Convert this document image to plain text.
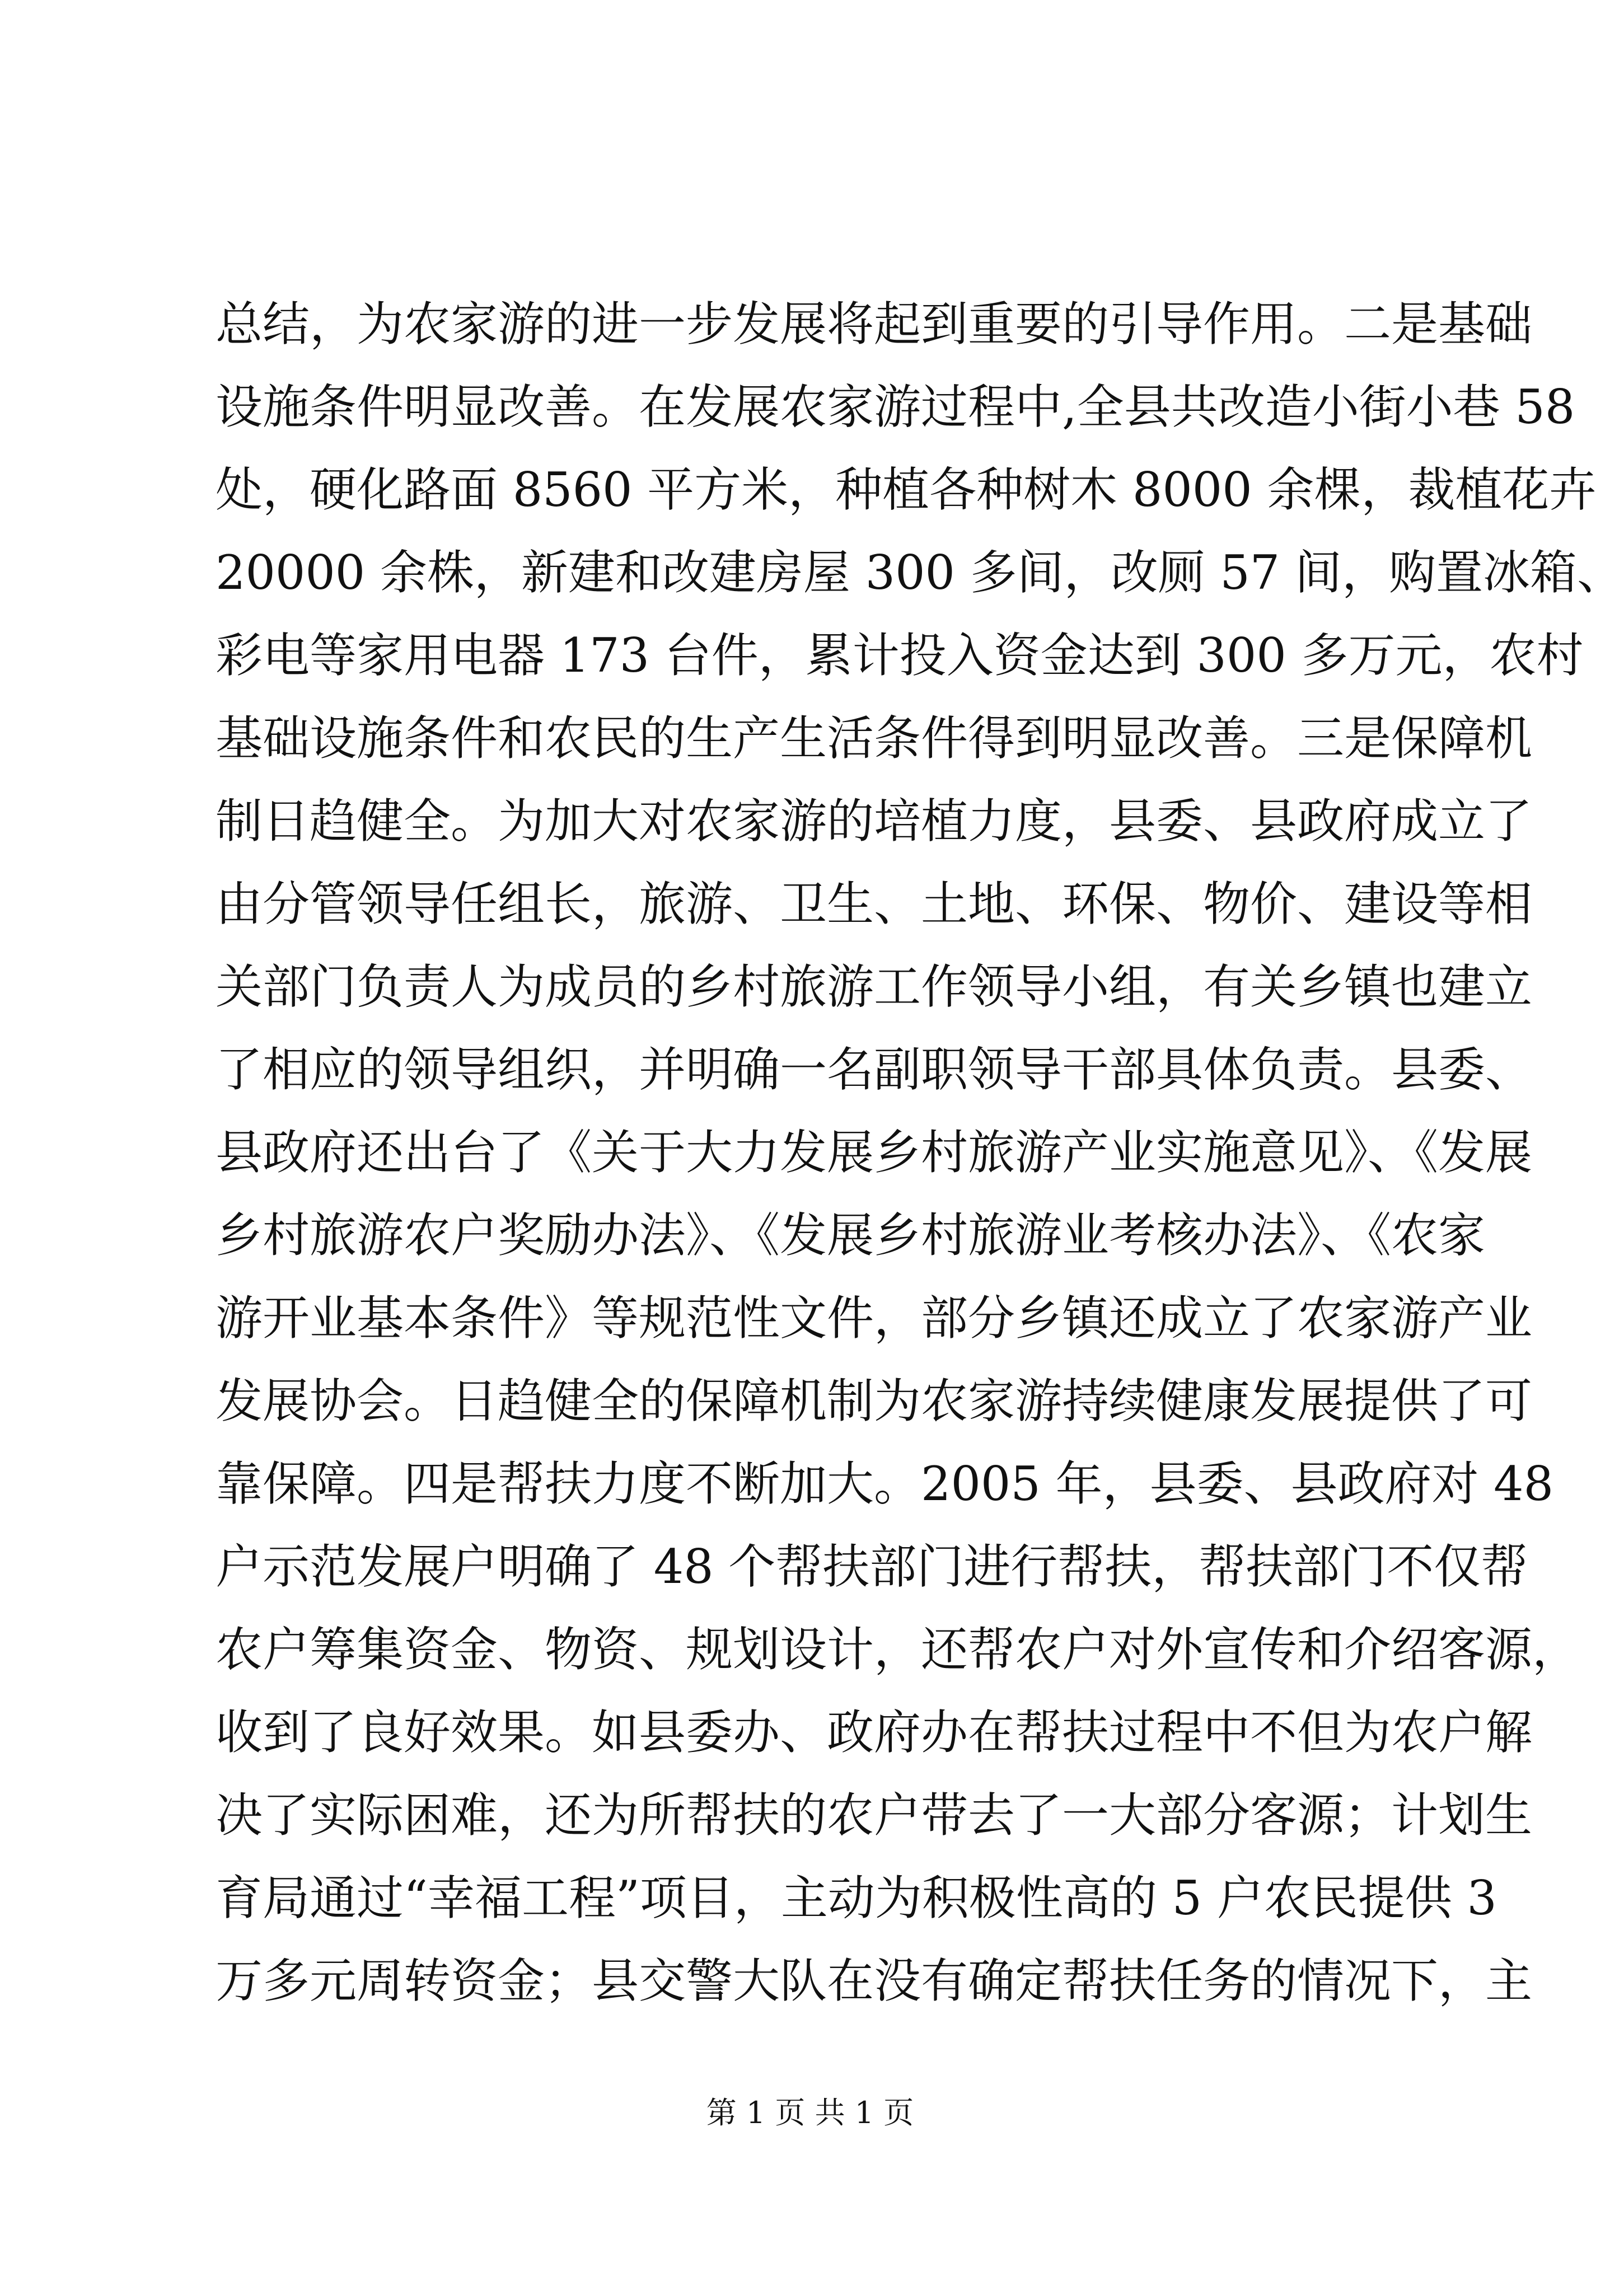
总结，为农家游的进一步发展将起到重要的引导作用。二是基础
设施条件明显改善。在发展农家游过程中,全县共改造小街小巷 58
处，硬化路面 8560 平方米，种植各种树木 8000 余棵，裁植花卉
20000 余株，新建和改建房屋 300 多间，改厕 57 间，购置冰箱、
彩电等家用电器 173 台件，累计投入资金达到 300 多万元，农村
基础设施条件和农民的生产生活条件得到明显改善。三是保障机
制日趋健全。为加大对农家游的培植力度，县委、县政府成立了
由分管领导任组长，旅游、卫生、土地、环保、物价、建设等相
关部门负责人为成员的乡村旅游工作领导小组，有关乡镇也建立
了相应的领导组织，并明确一名副职领导干部具体负责。县委、
县政府还出台了《关于大力发展乡村旅游产业实施意见》、《发展
乡村旅游农户奖励办法》、《发展乡村旅游业考核办法》、《农家
游开业基本条件》等规范性文件，部分乡镇还成立了农家游产业
发展协会。日趋健全的保障机制为农家游持续健康发展提供了可
靠保障。四是帮扶力度不断加大。2005 年，县委、县政府对 48
户示范发展户明确了 48 个帮扶部门进行帮扶，帮扶部门不仅帮
农户筹集资金、物资、规划设计，还帮农户对外宣传和介绍客源，
收到了良好效果。如县委办、政府办在帮扶过程中不但为农户解
决了实际困难，还为所帮扶的农户带去了一大部分客源；计划生
育局通过“幸福工程”项目，主动为积极性高的 5 户农民提供 3
万多元周转资金；县交警大队在没有确定帮扶任务的情况下，主
第 1 页 共 1 页
